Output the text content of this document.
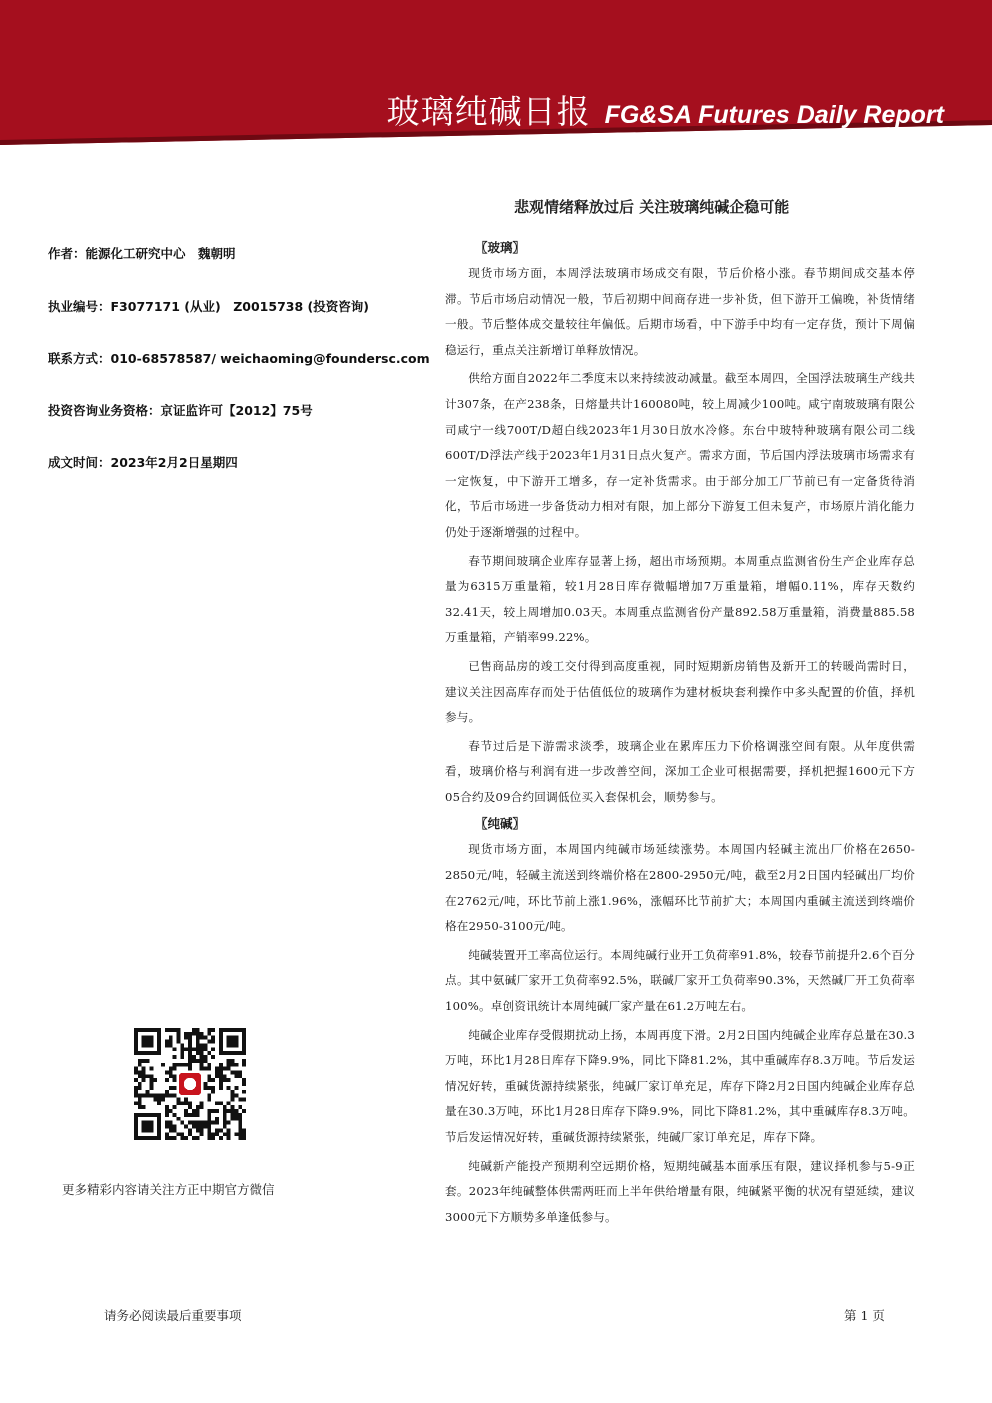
玻璃纯碱日报 FG&SA Futures Daily Report
悲观情绪释放过后 关注玻璃纯碱企稳可能
作者：能源化工研究中心　魏朝明
执业编号：F3077171 (从业)　Z0015738 (投资咨询)
联系方式：010-68578587/ weichaoming@foundersc.com
投资咨询业务资格：京证监许可【2012】75号
成文时间：2023年2月2日星期四
更多精彩内容请关注方正中期官方微信
〖玻璃〗

现货市场方面，本周浮法玻璃市场成交有限，节后价格小涨。春节期间成交基本停滞。节后市场启动情况一般，节后初期中间商存进一步补货，但下游开工偏晚，补货情绪一般。节后整体成交量较往年偏低。后期市场看，中下游手中均有一定存货，预计下周偏稳运行，重点关注新增订单释放情况。

供给方面自2022年二季度末以来持续波动减量。截至本周四，全国浮法玻璃生产线共计307条，在产238条，日熔量共计160080吨，较上周减少100吨。咸宁南玻玻璃有限公司咸宁一线700T/D超白线2023年1月30日放水冷修。东台中玻特种玻璃有限公司二线600T/D浮法产线于2023年1月31日点火复产。需求方面，节后国内浮法玻璃市场需求有一定恢复，中下游开工增多，存一定补货需求。由于部分加工厂节前已有一定备货待消化，节后市场进一步备货动力相对有限，加上部分下游复工但未复产，市场原片消化能力仍处于逐渐增强的过程中。

春节期间玻璃企业库存显著上扬，超出市场预期。本周重点监测省份生产企业库存总量为6315万重量箱，较1月28日库存微幅增加7万重量箱，增幅0.11%，库存天数约32.41天，较上周增加0.03天。本周重点监测省份产量892.58万重量箱，消费量885.58万重量箱，产销率99.22%。

已售商品房的竣工交付得到高度重视，同时短期新房销售及新开工的转暖尚需时日，建议关注因高库存而处于估值低位的玻璃作为建材板块套利操作中多头配置的价值，择机参与。

春节过后是下游需求淡季，玻璃企业在累库压力下价格调涨空间有限。从年度供需看，玻璃价格与利润有进一步改善空间，深加工企业可根据需要，择机把握1600元下方05合约及09合约回调低位买入套保机会，顺势参与。

〖纯碱〗

现货市场方面，本周国内纯碱市场延续涨势。本周国内轻碱主流出厂价格在2650-2850元/吨，轻碱主流送到终端价格在2800-2950元/吨，截至2月2日国内轻碱出厂均价在2762元/吨，环比节前上涨1.96%，涨幅环比节前扩大；本周国内重碱主流送到终端价格在2950-3100元/吨。

纯碱装置开工率高位运行。本周纯碱行业开工负荷率91.8%，较春节前提升2.6个百分点。其中氨碱厂家开工负荷率92.5%，联碱厂家开工负荷率90.3%，天然碱厂开工负荷率100%。卓创资讯统计本周纯碱厂家产量在61.2万吨左右。

纯碱企业库存受假期扰动上扬，本周再度下滑。2月2日国内纯碱企业库存总量在30.3万吨，环比1月28日库存下降9.9%，同比下降81.2%，其中重碱库存8.3万吨。节后发运情况好转，重碱货源持续紧张，纯碱厂家订单充足，库存下降2月2日国内纯碱企业库存总量在30.3万吨，环比1月28日库存下降9.9%，同比下降81.2%，其中重碱库存8.3万吨。节后发运情况好转，重碱货源持续紧张，纯碱厂家订单充足，库存下降。

纯碱新产能投产预期利空远期价格，短期纯碱基本面承压有限，建议择机参与5-9正套。2023年纯碱整体供需两旺而上半年供给增量有限，纯碱紧平衡的状况有望延续，建议3000元下方顺势多单逢低参与。

请务必阅读最后重要事项	第 1 页
